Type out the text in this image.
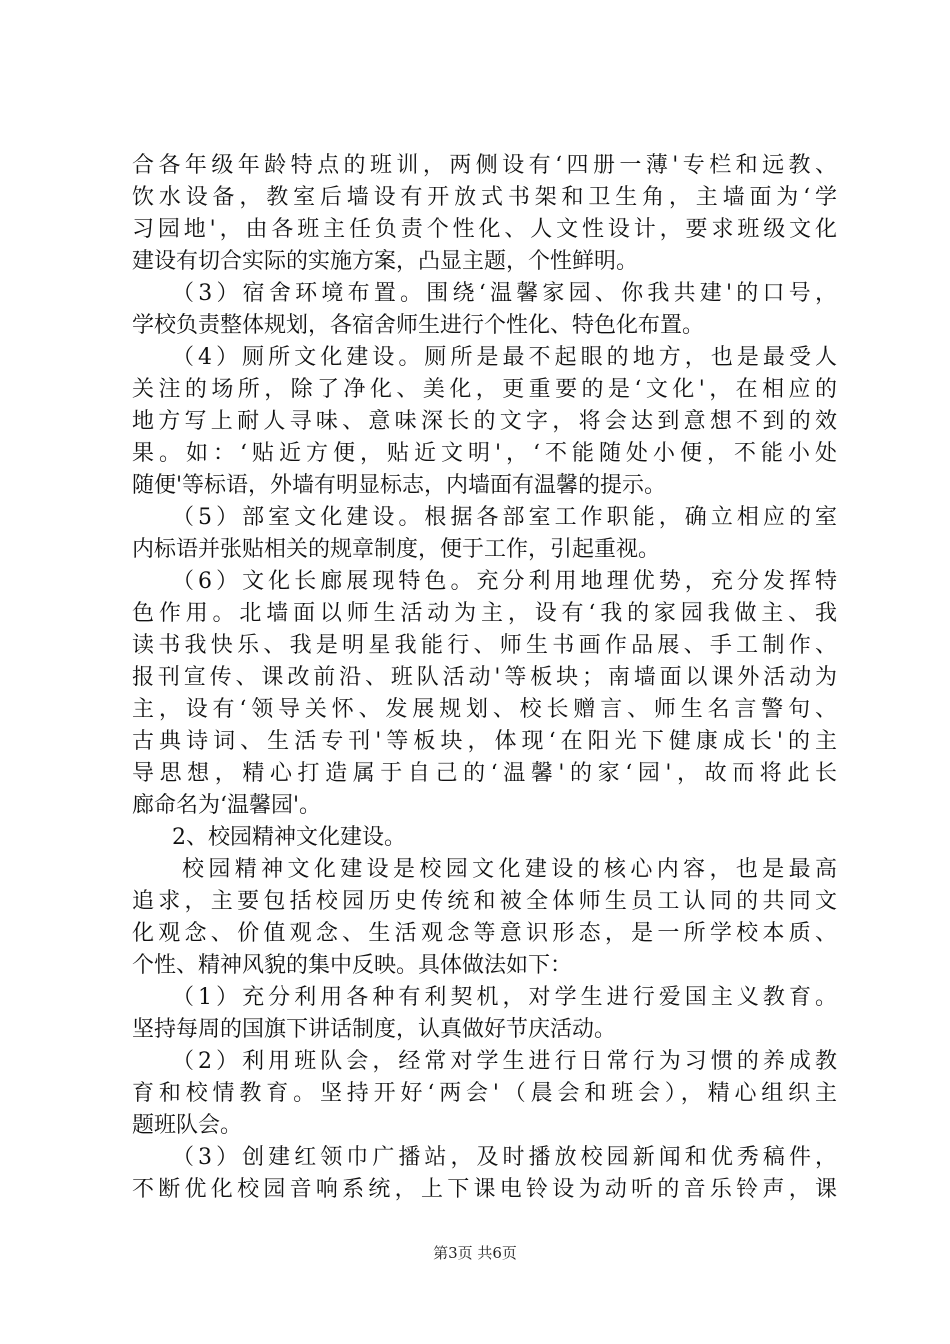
合各年级年龄特点的班训，两侧设有‘四册一薄'专栏和远教、
饮水设备，教室后墙设有开放式书架和卫生角，主墙面为‘学
习园地'，由各班主任负责个性化、人文性设计，要求班级文化
建设有切合实际的实施方案，凸显主题，个性鲜明。
（3）宿舍环境布置。围绕‘温馨家园、你我共建'的口号，
学校负责整体规划，各宿舍师生进行个性化、特色化布置。
（4）厕所文化建设。厕所是最不起眼的地方，也是最受人
关注的场所，除了净化、美化，更重要的是‘文化'，在相应的
地方写上耐人寻味、意味深长的文字，将会达到意想不到的效
果。如：‘贴近方便，贴近文明'，‘不能随处小便，不能小处
随便'等标语，外墙有明显标志，内墙面有温馨的提示。
（5）部室文化建设。根据各部室工作职能，确立相应的室
内标语并张贴相关的规章制度，便于工作，引起重视。
（6）文化长廊展现特色。充分利用地理优势，充分发挥特
色作用。北墙面以师生活动为主，设有‘我的家园我做主、我
读书我快乐、我是明星我能行、师生书画作品展、手工制作、
报刊宣传、课改前沿、班队活动'等板块；南墙面以课外活动为
主，设有‘领导关怀、发展规划、校长赠言、师生名言警句、
古典诗词、生活专刊'等板块，体现‘在阳光下健康成长'的主
导思想，精心打造属于自己的‘温馨'的家‘园'，故而将此长
廊命名为‘温馨园'。
2、校园精神文化建设。
校园精神文化建设是校园文化建设的核心内容，也是最高
追求，主要包括校园历史传统和被全体师生员工认同的共同文
化观念、价值观念、生活观念等意识形态，是一所学校本质、
个性、精神风貌的集中反映。具体做法如下：
（1）充分利用各种有利契机，对学生进行爱国主义教育。
坚持每周的国旗下讲话制度，认真做好节庆活动。
（2）利用班队会，经常对学生进行日常行为习惯的养成教
育和校情教育。坚持开好‘两会'（晨会和班会），精心组织主
题班队会。
（3）创建红领巾广播站，及时播放校园新闻和优秀稿件，
不断优化校园音响系统，上下课电铃设为动听的音乐铃声，课
第3页 共6页
